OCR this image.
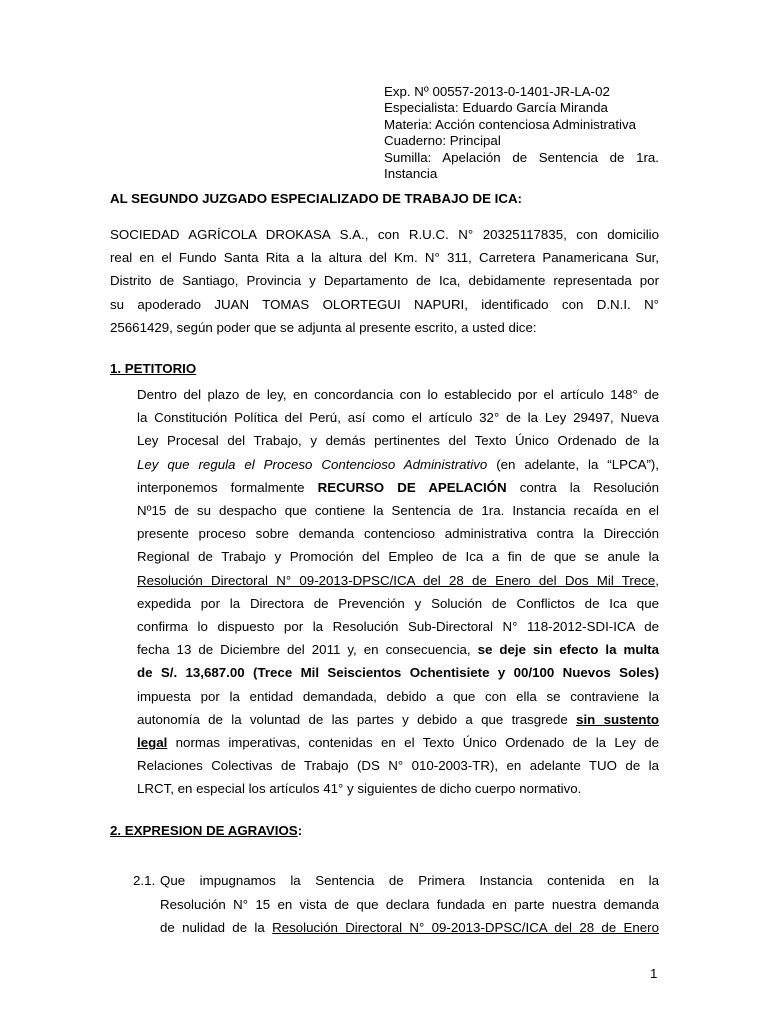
Exp. Nº 00557-2013-0-1401-JR-LA-02
Especialista: Eduardo García Miranda
Materia: Acción contenciosa Administrativa
Cuaderno: Principal
Sumilla: Apelación de Sentencia de 1ra.
Instancia
AL SEGUNDO JUZGADO ESPECIALIZADO DE TRABAJO DE ICA:
SOCIEDAD AGRÍCOLA DROKASA S.A., con R.U.C. N° 20325117835, con domicilio
real en el Fundo Santa Rita a la altura del Km. N° 311, Carretera Panamericana Sur,
Distrito de Santiago, Provincia y Departamento de Ica, debidamente representada por
su apoderado JUAN TOMAS OLORTEGUI NAPURI, identificado con D.N.I. N°
25661429, según poder que se adjunta al presente escrito, a usted dice:
1. PETITORIO
Dentro del plazo de ley, en concordancia con lo establecido por el artículo 148° de
la Constitución Política del Perú, así como el artículo 32° de la Ley 29497, Nueva
Ley Procesal del Trabajo, y demás pertinentes del Texto Único Ordenado de la
Ley que regula el Proceso Contencioso Administrativo (en adelante, la “LPCA”),
interponemos formalmente RECURSO DE APELACIÓN contra la Resolución
Nº15 de su despacho que contiene la Sentencia de 1ra. Instancia recaída en el
presente proceso sobre demanda contencioso administrativa contra la Dirección
Regional de Trabajo y Promoción del Empleo de Ica a fin de que se anule la
Resolución Directoral N° 09-2013-DPSC/ICA del 28 de Enero del Dos Mil Trece,
expedida por la Directora de Prevención y Solución de Conflictos de Ica que
confirma lo dispuesto por la Resolución Sub-Directoral N° 118-2012-SDI-ICA de
fecha 13 de Diciembre del 2011 y, en consecuencia, se deje sin efecto la multa
de S/. 13,687.00 (Trece Mil Seiscientos Ochentisiete y 00/100 Nuevos Soles)
impuesta por la entidad demandada, debido a que con ella se contraviene la
autonomía de la voluntad de las partes y debido a que trasgrede sin sustento
legal normas imperativas, contenidas en el Texto Único Ordenado de la Ley de
Relaciones Colectivas de Trabajo (DS N° 010-2003-TR), en adelante TUO de la
LRCT, en especial los artículos 41° y siguientes de dicho cuerpo normativo.
2. EXPRESION DE AGRAVIOS:
2.1. Que impugnamos la Sentencia de Primera Instancia contenida en la
Resolución N° 15 en vista de que declara fundada en parte nuestra demanda
de nulidad de la Resolución Directoral N° 09-2013-DPSC/ICA del 28 de Enero
1
